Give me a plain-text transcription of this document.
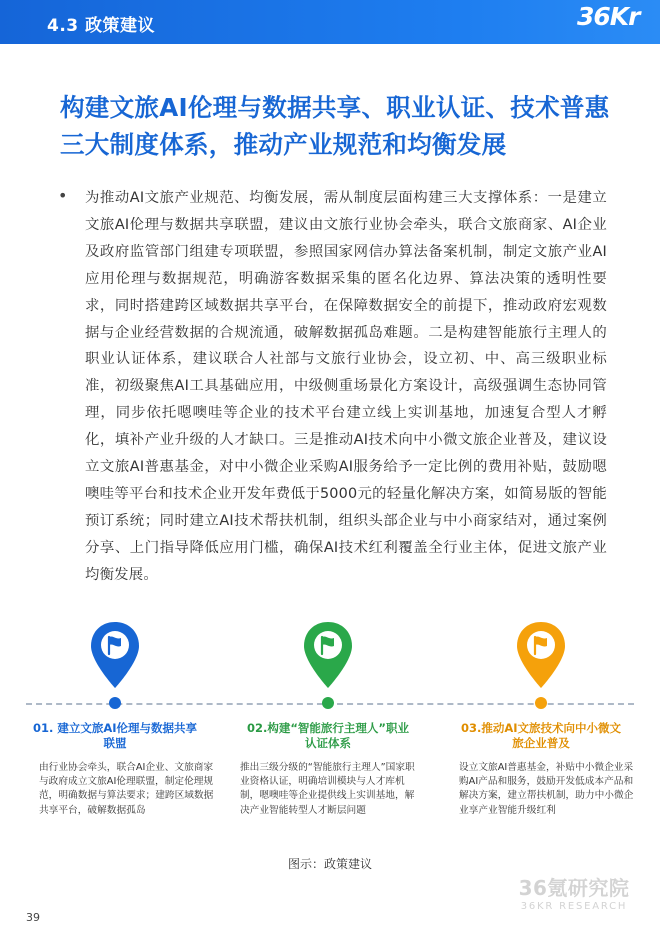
4.3 政策建议	36Kr
构建文旅AI伦理与数据共享、职业认证、技术普惠三大制度体系，推动产业规范和均衡发展
• 为推动AI文旅产业规范、均衡发展，需从制度层面构建三大支撑体系：一是建立文旅AI伦理与数据共享联盟，建议由文旅行业协会牵头，联合文旅商家、AI企业及政府监管部门组建专项联盟，参照国家网信办算法备案机制，制定文旅产业AI应用伦理与数据规范，明确游客数据采集的匿名化边界、算法决策的透明性要求，同时搭建跨区域数据共享平台，在保障数据安全的前提下，推动政府宏观数据与企业经营数据的合规流通，破解数据孤岛难题。二是构建智能旅行主理人的职业认证体系，建议联合人社部与文旅行业协会，设立初、中、高三级职业标准，初级聚焦AI工具基础应用，中级侧重场景化方案设计，高级强调生态协同管理，同步依托嗯噢哇等企业的技术平台建立线上实训基地，加速复合型人才孵化，填补产业升级的人才缺口。三是推动AI技术向中小微文旅企业普及，建议设立文旅AI普惠基金，对中小微企业采购AI服务给予一定比例的费用补贴，鼓励嗯噢哇等平台和技术企业开发年费低于5000元的轻量化解决方案，如简易版的智能预订系统；同时建立AI技术帮扶机制，组织头部企业与中小商家结对，通过案例分享、上门指导降低应用门槛，确保AI技术红利覆盖全行业主体，促进文旅产业均衡发展。
01. 建立文旅AI伦理与数据共享联盟
由行业协会牵头，联合AI企业、文旅商家与政府成立文旅AI伦理联盟，制定伦理规范，明确数据与算法要求；建跨区域数据共享平台，破解数据孤岛
02.构建“智能旅行主理人”职业认证体系
推出三级分级的“智能旅行主理人”国家职业资格认证，明确培训模块与人才库机制，嗯噢哇等企业提供线上实训基地，解决产业智能转型人才断层问题
03.推动AI文旅技术向中小微文旅企业普及
设立文旅AI普惠基金，补贴中小微企业采购AI产品和服务，鼓励开发低成本产品和解决方案，建立帮扶机制，助力中小微企业享产业智能升级红利
图示：政策建议
39
36氪研究院
36KR RESEARCH
